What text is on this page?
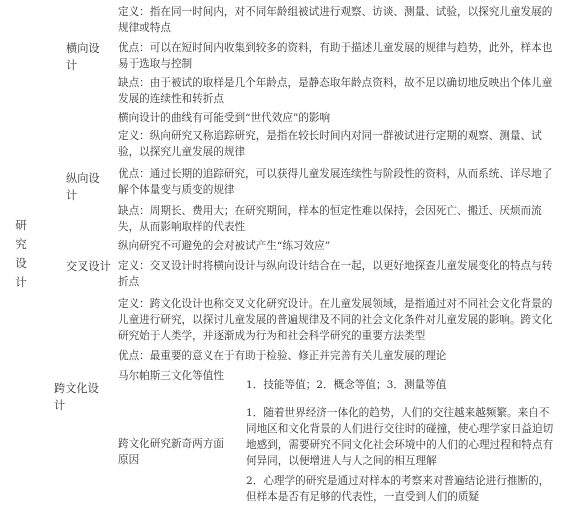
研究设计
横向设计
定义：指在同一时间内，对不同年龄组被试进行观察、访谈、测量、试验，以探究儿童发展的规律或特点
优点：可以在短时间内收集到较多的资料，有助于描述儿童发展的规律与趋势，此外，样本也易于选取与控制
缺点：由于被试的取样是几个年龄点，是静态取年龄点资料，故不足以确切地反映出个体儿童发展的连续性和转折点
横向设计的曲线有可能受到“世代效应”的影响
纵向设计
定义：纵向研究又称追踪研究，是指在较长时间内对同一群被试进行定期的观察、测量、试验，以探究儿童发展的规律
优点：通过长期的追踪研究，可以获得儿童发展连续性与阶段性的资料，从而系统、详尽地了解个体量变与质变的规律
缺点：周期长、费用大；在研究期间，样本的恒定性难以保持，会因死亡、搬迁、厌烦而流失，从而影响取样的代表性
纵向研究不可避免的会对被试产生“练习效应”
交叉设计 定义：交叉设计时将横向设计与纵向设计结合在一起，以更好地探查儿童发展变化的特点与转折点
跨文化设计
定义：跨文化设计也称交叉文化研究设计。在儿童发展领域，是指通过对不同社会文化背景的儿童进行研究，以探讨儿童发展的普遍规律及不同的社会文化条件对儿童发展的影响。跨文化研究始于人类学，并逐渐成为行为和社会科学研究的重要方法类型
优点：最重要的意义在于有助于检验、修正并完善有关儿童发展的理论
马尔帕斯三文化等值性
1．技能等值；2．概念等值；3．测量等值
跨文化研究新奇两方面原因
1．随着世界经济一体化的趋势，人们的交往越来越频繁。来自不同地区和文化背景的人们进行交往时的碰撞，使心理学家日益迫切地感到，需要研究不同文化社会环境中的人们的心理过程和特点有何异同，以便增进人与人之间的相互理解
2．心理学的研究是通过对样本的考察来对普遍结论进行推断的，但样本是否有足够的代表性，一直受到人们的质疑
